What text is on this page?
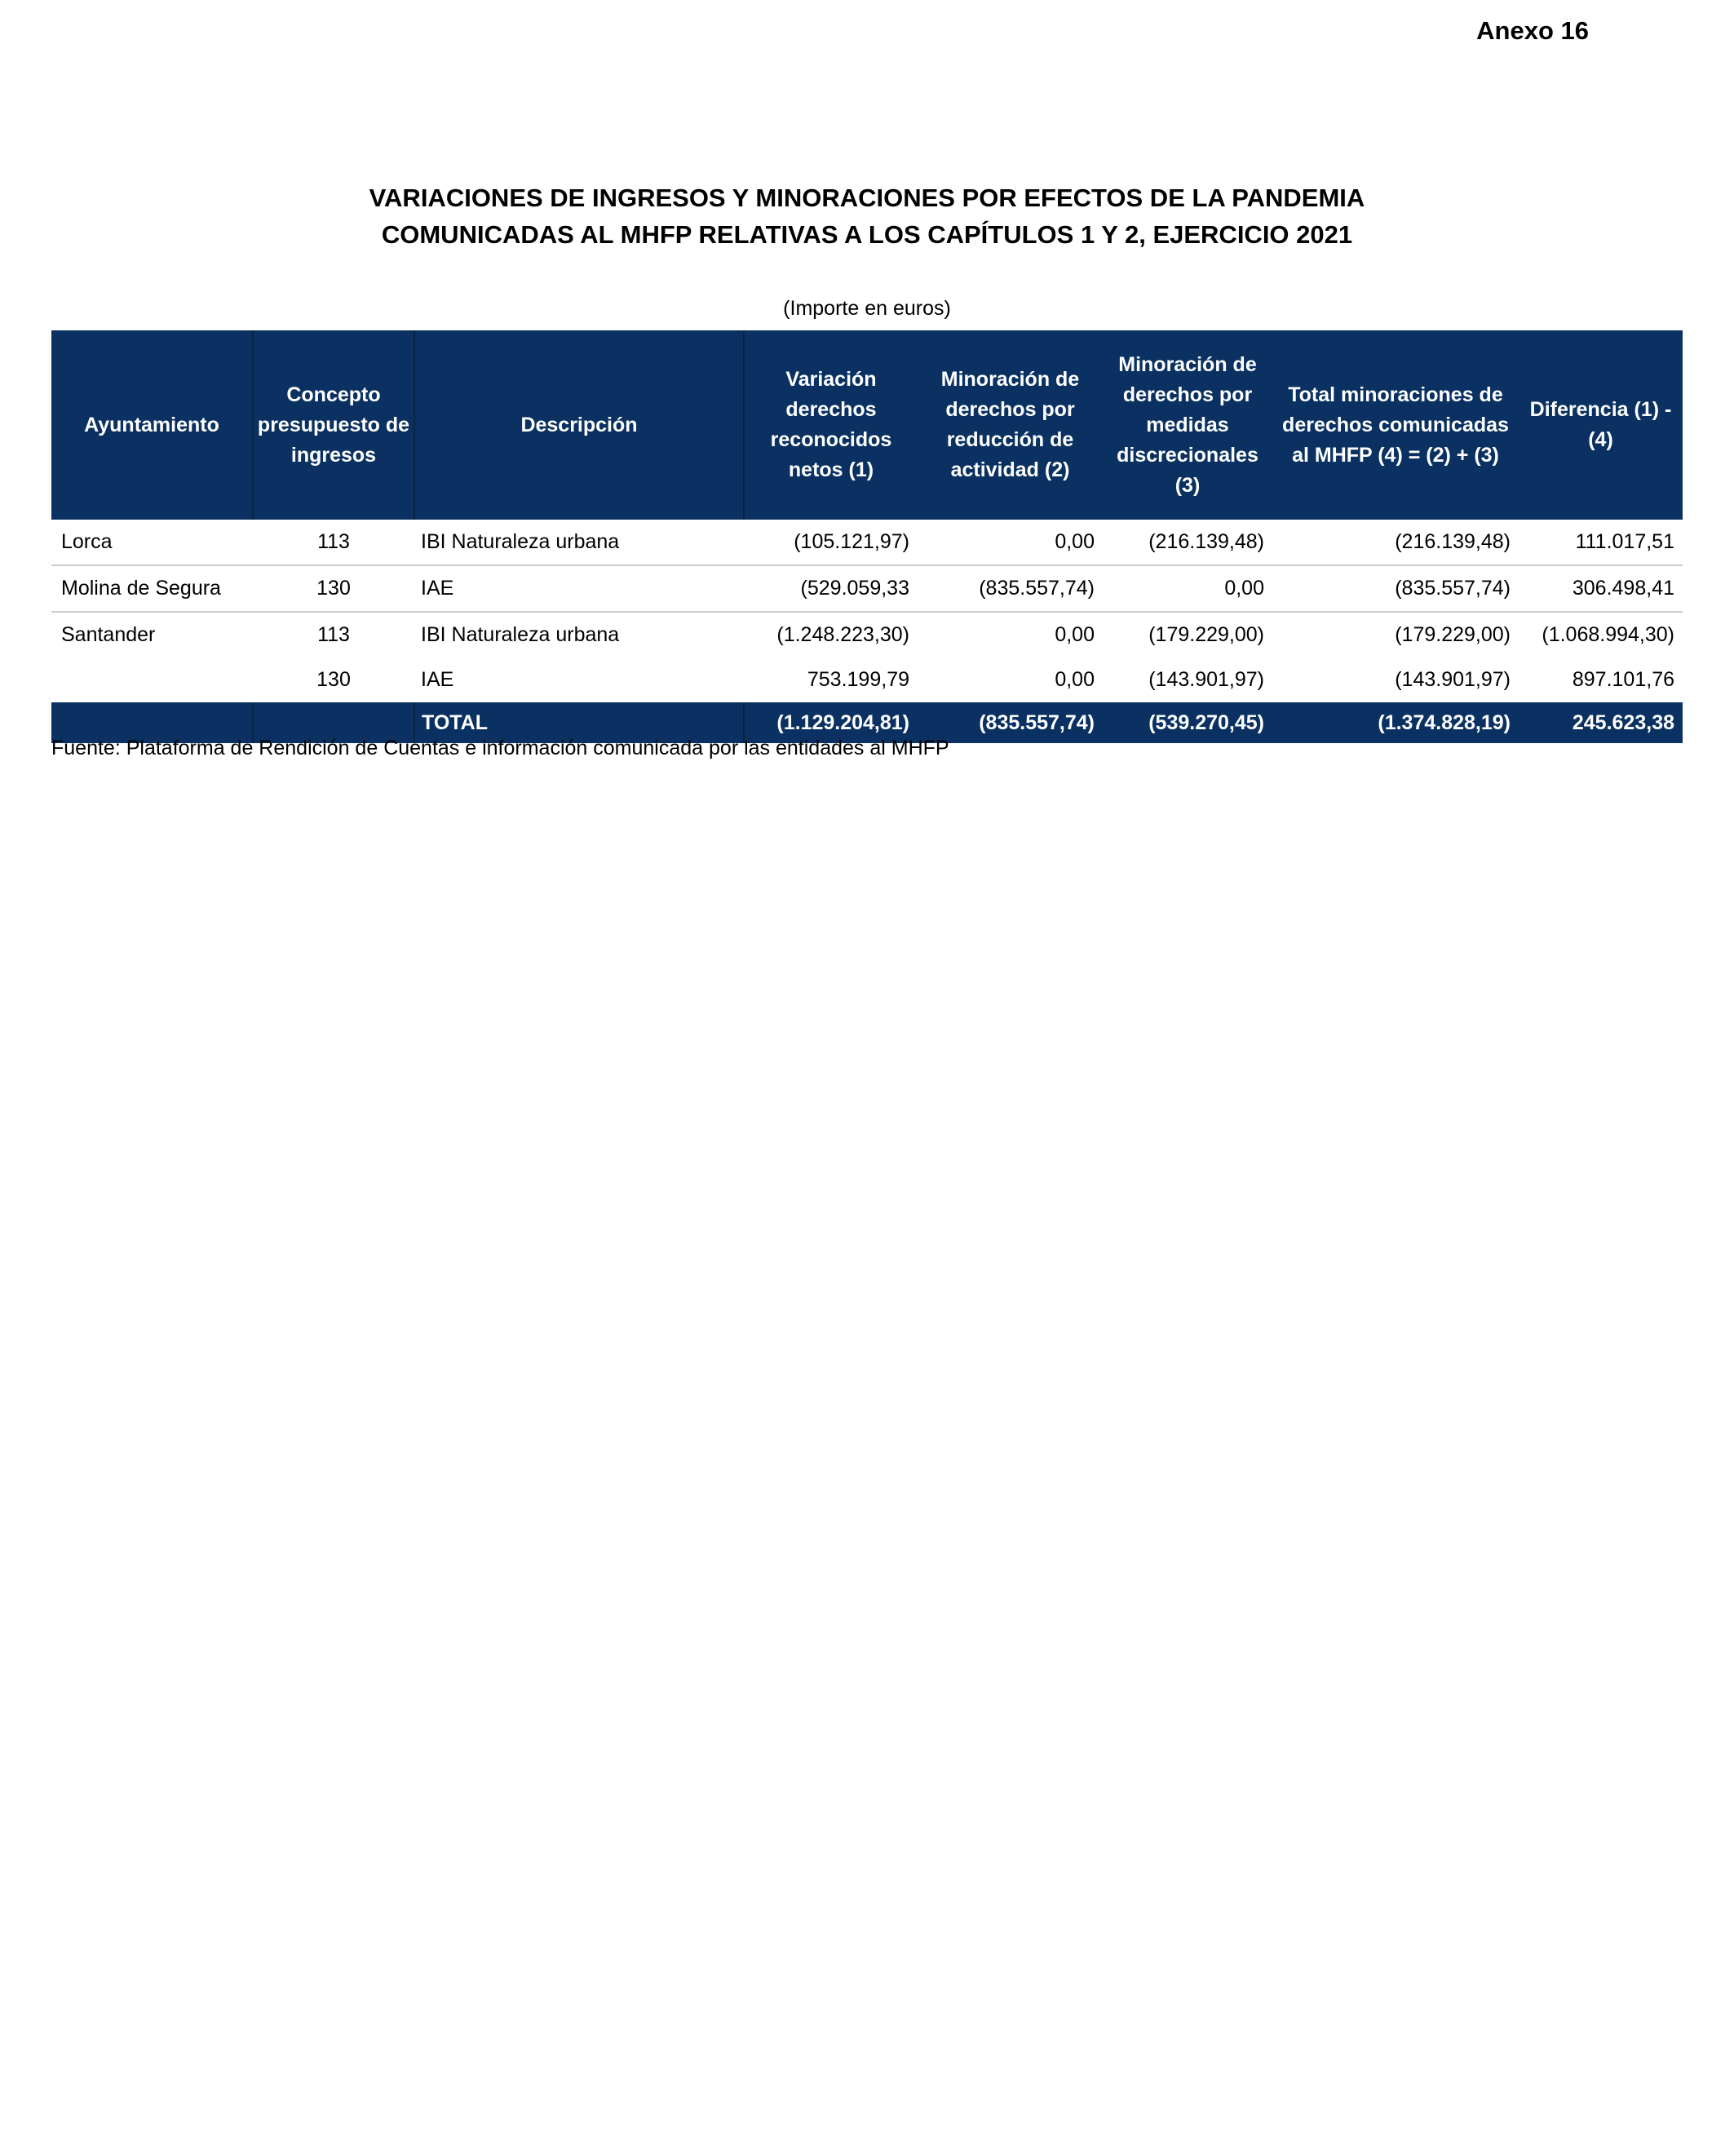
Anexo 16
VARIACIONES DE INGRESOS Y MINORACIONES POR EFECTOS DE LA PANDEMIA
COMUNICADAS AL MHFP RELATIVAS A LOS CAPÍTULOS 1 Y 2, EJERCICIO 2021
(Importe en euros)
Ayuntamiento	Concepto presupuesto de ingresos	Descripción	Variación derechos reconocidos netos (1)	Minoración de derechos por reducción de actividad (2)	Minoración de derechos por medidas discrecionales (3)	Total minoraciones de derechos comunicadas al MHFP (4) = (2) + (3)	Diferencia (1) - (4)
Lorca	113	IBI Naturaleza urbana	(105.121,97)	0,00	(216.139,48)	(216.139,48)	111.017,51
Molina de Segura	130	IAE	(529.059,33	(835.557,74)	0,00	(835.557,74)	306.498,41
Santander	113	IBI Naturaleza urbana	(1.248.223,30)	0,00	(179.229,00)	(179.229,00)	(1.068.994,30)
	130	IAE	753.199,79	0,00	(143.901,97)	(143.901,97)	897.101,76
		TOTAL	(1.129.204,81)	(835.557,74)	(539.270,45)	(1.374.828,19)	245.623,38
Fuente: Plataforma de Rendición de Cuentas e información comunicada por las entidades al MHFP
